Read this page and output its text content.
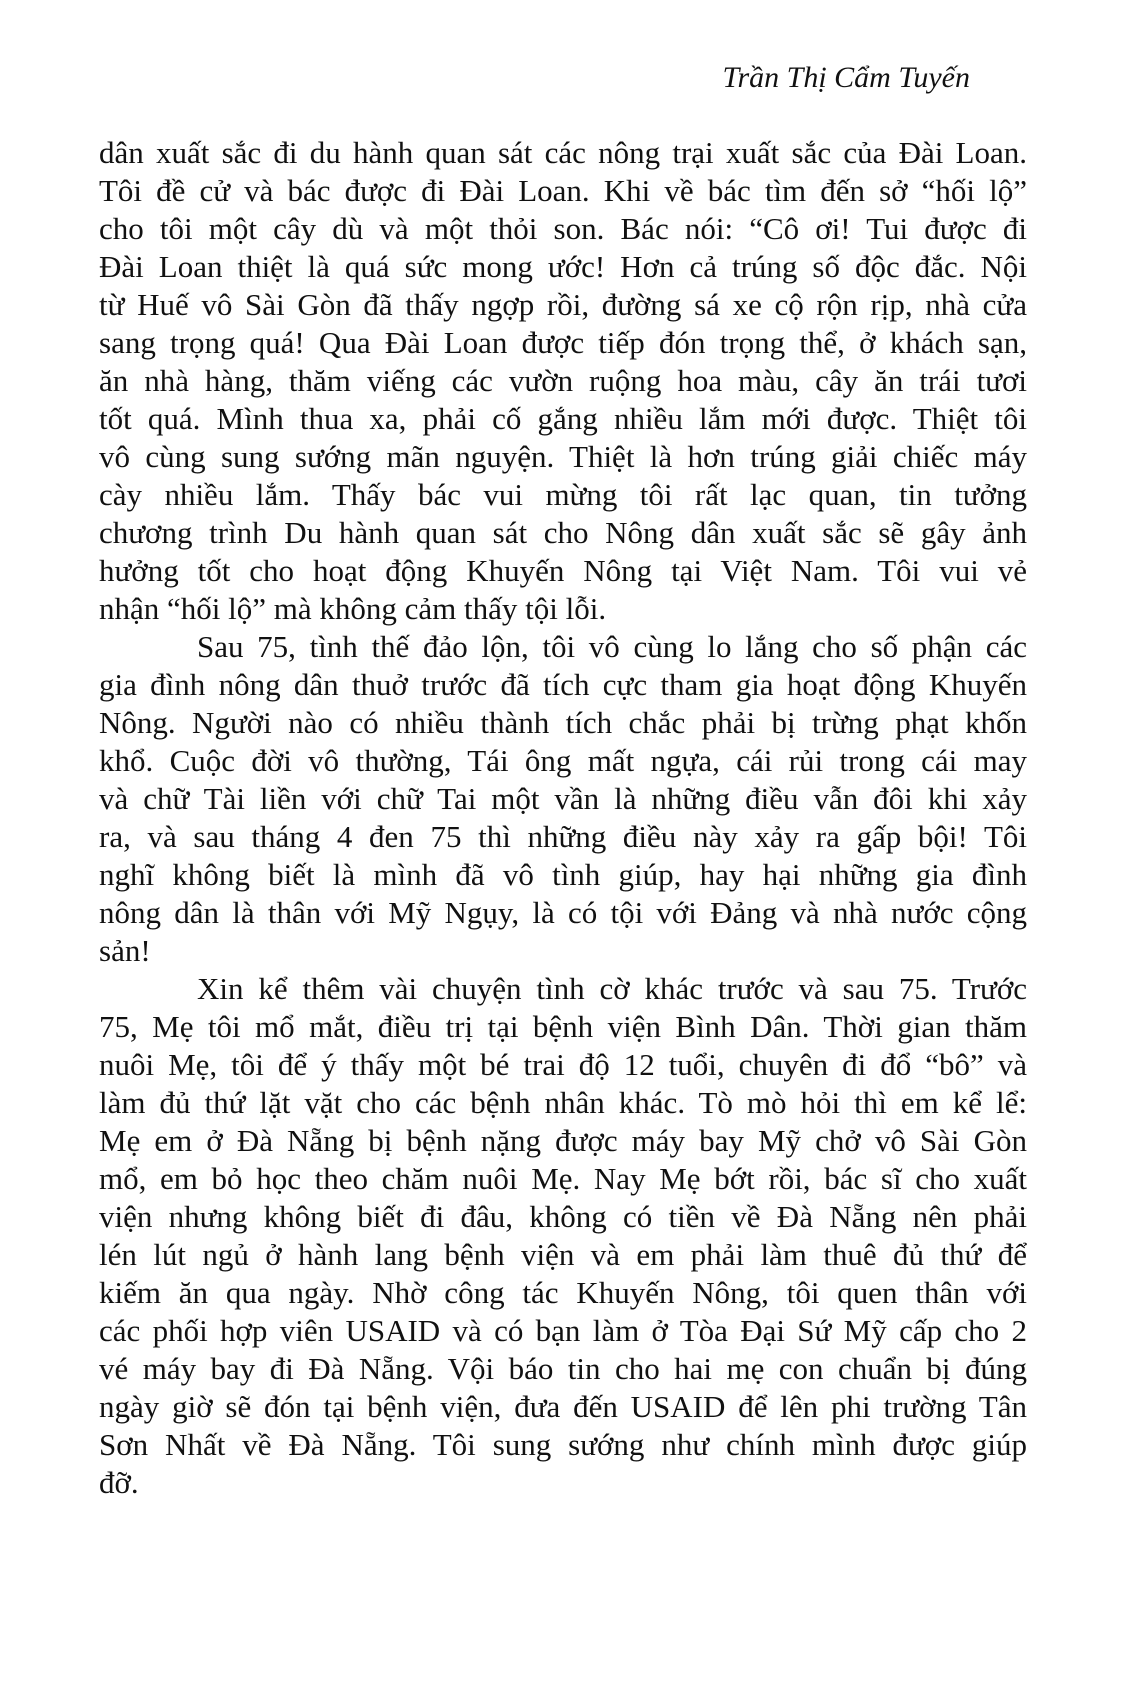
Trần Thị Cẩm Tuyến
dân xuất sắc đi du hành quan sát các nông trại xuất sắc của Đài Loan.
Tôi đề cử và bác được đi Đài Loan. Khi về bác tìm đến sở “hối lộ”
cho tôi một cây dù và một thỏi son. Bác nói: “Cô ơi! Tui được đi
Đài Loan thiệt là quá sức mong ước! Hơn cả trúng số độc đắc. Nội
từ Huế vô Sài Gòn đã thấy ngợp rồi, đường sá xe cộ rộn rịp, nhà cửa
sang trọng quá! Qua Đài Loan được tiếp đón trọng thể, ở khách sạn,
ăn nhà hàng, thăm viếng các vườn ruộng hoa màu, cây ăn trái tươi
tốt quá. Mình thua xa, phải cố gắng nhiều lắm mới được. Thiệt tôi
vô cùng sung sướng mãn nguyện. Thiệt là hơn trúng giải chiếc máy
cày nhiều lắm. Thấy bác vui mừng tôi rất lạc quan, tin tưởng
chương trình Du hành quan sát cho Nông dân xuất sắc sẽ gây ảnh
hưởng tốt cho hoạt động Khuyến Nông tại Việt Nam. Tôi vui vẻ
nhận “hối lộ” mà không cảm thấy tội lỗi.
Sau 75, tình thế đảo lộn, tôi vô cùng lo lắng cho số phận các
gia đình nông dân thuở trước đã tích cực tham gia hoạt động Khuyến
Nông. Người nào có nhiều thành tích chắc phải bị trừng phạt khốn
khổ. Cuộc đời vô thường, Tái ông mất ngựa, cái rủi trong cái may
và chữ Tài liền với chữ Tai một vần là những điều vẫn đôi khi xảy
ra, và sau tháng 4 đen 75 thì những điều này xảy ra gấp bội! Tôi
nghĩ không biết là mình đã vô tình giúp, hay hại những gia đình
nông dân là thân với Mỹ Ngụy, là có tội với Đảng và nhà nước cộng
sản!
Xin kể thêm vài chuyện tình cờ khác trước và sau 75. Trước
75, Mẹ tôi mổ mắt, điều trị tại bệnh viện Bình Dân. Thời gian thăm
nuôi Mẹ, tôi để ý thấy một bé trai độ 12 tuổi, chuyên đi đổ “bô” và
làm đủ thứ lặt vặt cho các bệnh nhân khác. Tò mò hỏi thì em kể lể:
Mẹ em ở Đà Nẵng bị bệnh nặng được máy bay Mỹ chở vô Sài Gòn
mổ, em bỏ học theo chăm nuôi Mẹ. Nay Mẹ bớt rồi, bác sĩ cho xuất
viện nhưng không biết đi đâu, không có tiền về Đà Nẵng nên phải
lén lút ngủ ở hành lang bệnh viện và em phải làm thuê đủ thứ để
kiếm ăn qua ngày. Nhờ công tác Khuyến Nông, tôi quen thân với
các phối hợp viên USAID và có bạn làm ở Tòa Đại Sứ Mỹ cấp cho 2
vé máy bay đi Đà Nẵng. Vội báo tin cho hai mẹ con chuẩn bị đúng
ngày giờ sẽ đón tại bệnh viện, đưa đến USAID để lên phi trường Tân
Sơn Nhất về Đà Nẵng. Tôi sung sướng như chính mình được giúp
đỡ.
